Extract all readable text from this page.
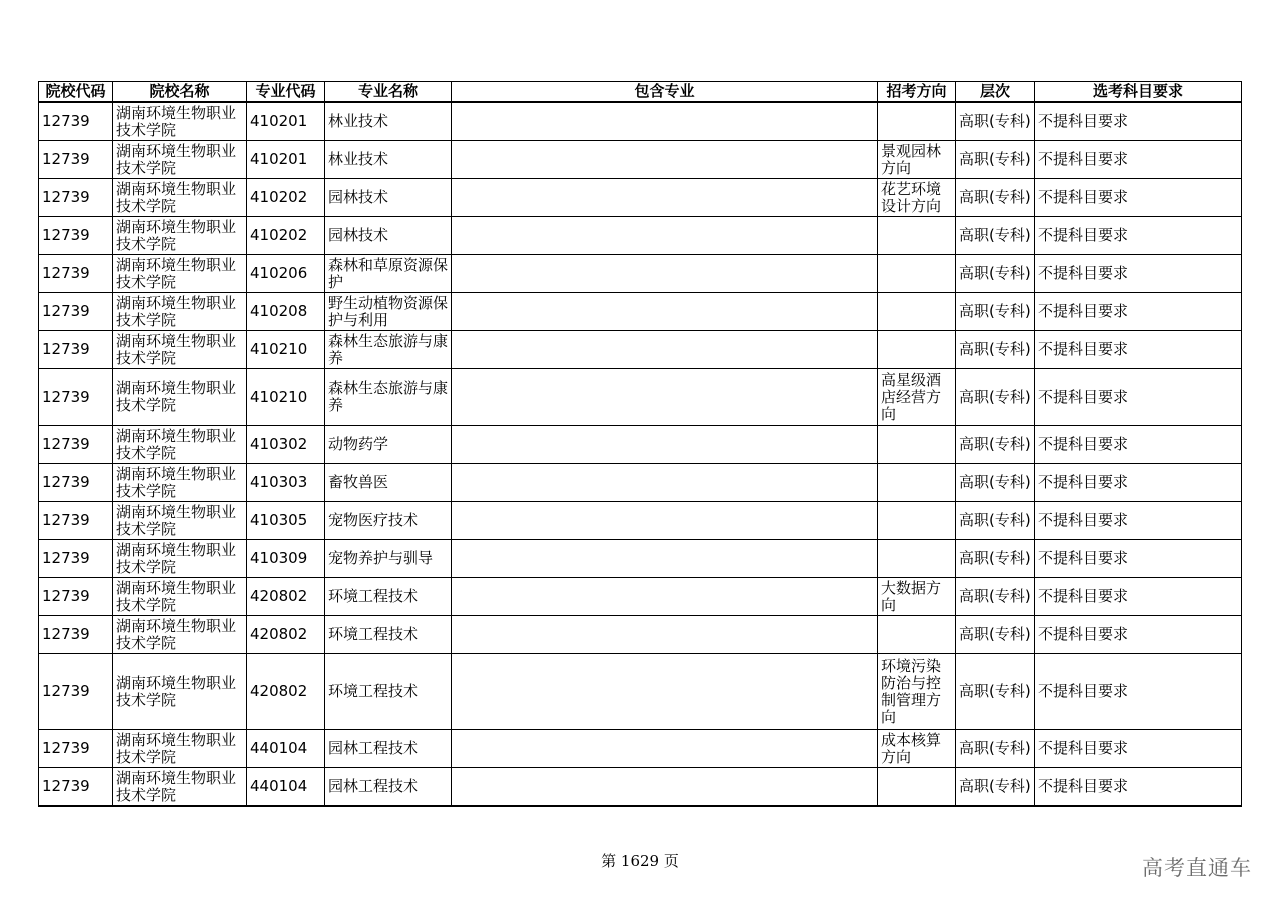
院校代码	院校名称	专业代码	专业名称	包含专业	招考方向	层次	选考科目要求
12739	湖南环境生物职业技术学院	410201	林业技术			高职(专科)	不提科目要求
12739	湖南环境生物职业技术学院	410201	林业技术		景观园林方向	高职(专科)	不提科目要求
12739	湖南环境生物职业技术学院	410202	园林技术		花艺环境设计方向	高职(专科)	不提科目要求
12739	湖南环境生物职业技术学院	410202	园林技术			高职(专科)	不提科目要求
12739	湖南环境生物职业技术学院	410206	森林和草原资源保护			高职(专科)	不提科目要求
12739	湖南环境生物职业技术学院	410208	野生动植物资源保护与利用			高职(专科)	不提科目要求
12739	湖南环境生物职业技术学院	410210	森林生态旅游与康养			高职(专科)	不提科目要求
12739	湖南环境生物职业技术学院	410210	森林生态旅游与康养		高星级酒店经营方向	高职(专科)	不提科目要求
12739	湖南环境生物职业技术学院	410302	动物药学			高职(专科)	不提科目要求
12739	湖南环境生物职业技术学院	410303	畜牧兽医			高职(专科)	不提科目要求
12739	湖南环境生物职业技术学院	410305	宠物医疗技术			高职(专科)	不提科目要求
12739	湖南环境生物职业技术学院	410309	宠物养护与驯导			高职(专科)	不提科目要求
12739	湖南环境生物职业技术学院	420802	环境工程技术		大数据方向	高职(专科)	不提科目要求
12739	湖南环境生物职业技术学院	420802	环境工程技术			高职(专科)	不提科目要求
12739	湖南环境生物职业技术学院	420802	环境工程技术		环境污染防治与控制管理方向	高职(专科)	不提科目要求
12739	湖南环境生物职业技术学院	440104	园林工程技术		成本核算方向	高职(专科)	不提科目要求
12739	湖南环境生物职业技术学院	440104	园林工程技术			高职(专科)	不提科目要求
第 1629 页	高考直通车
